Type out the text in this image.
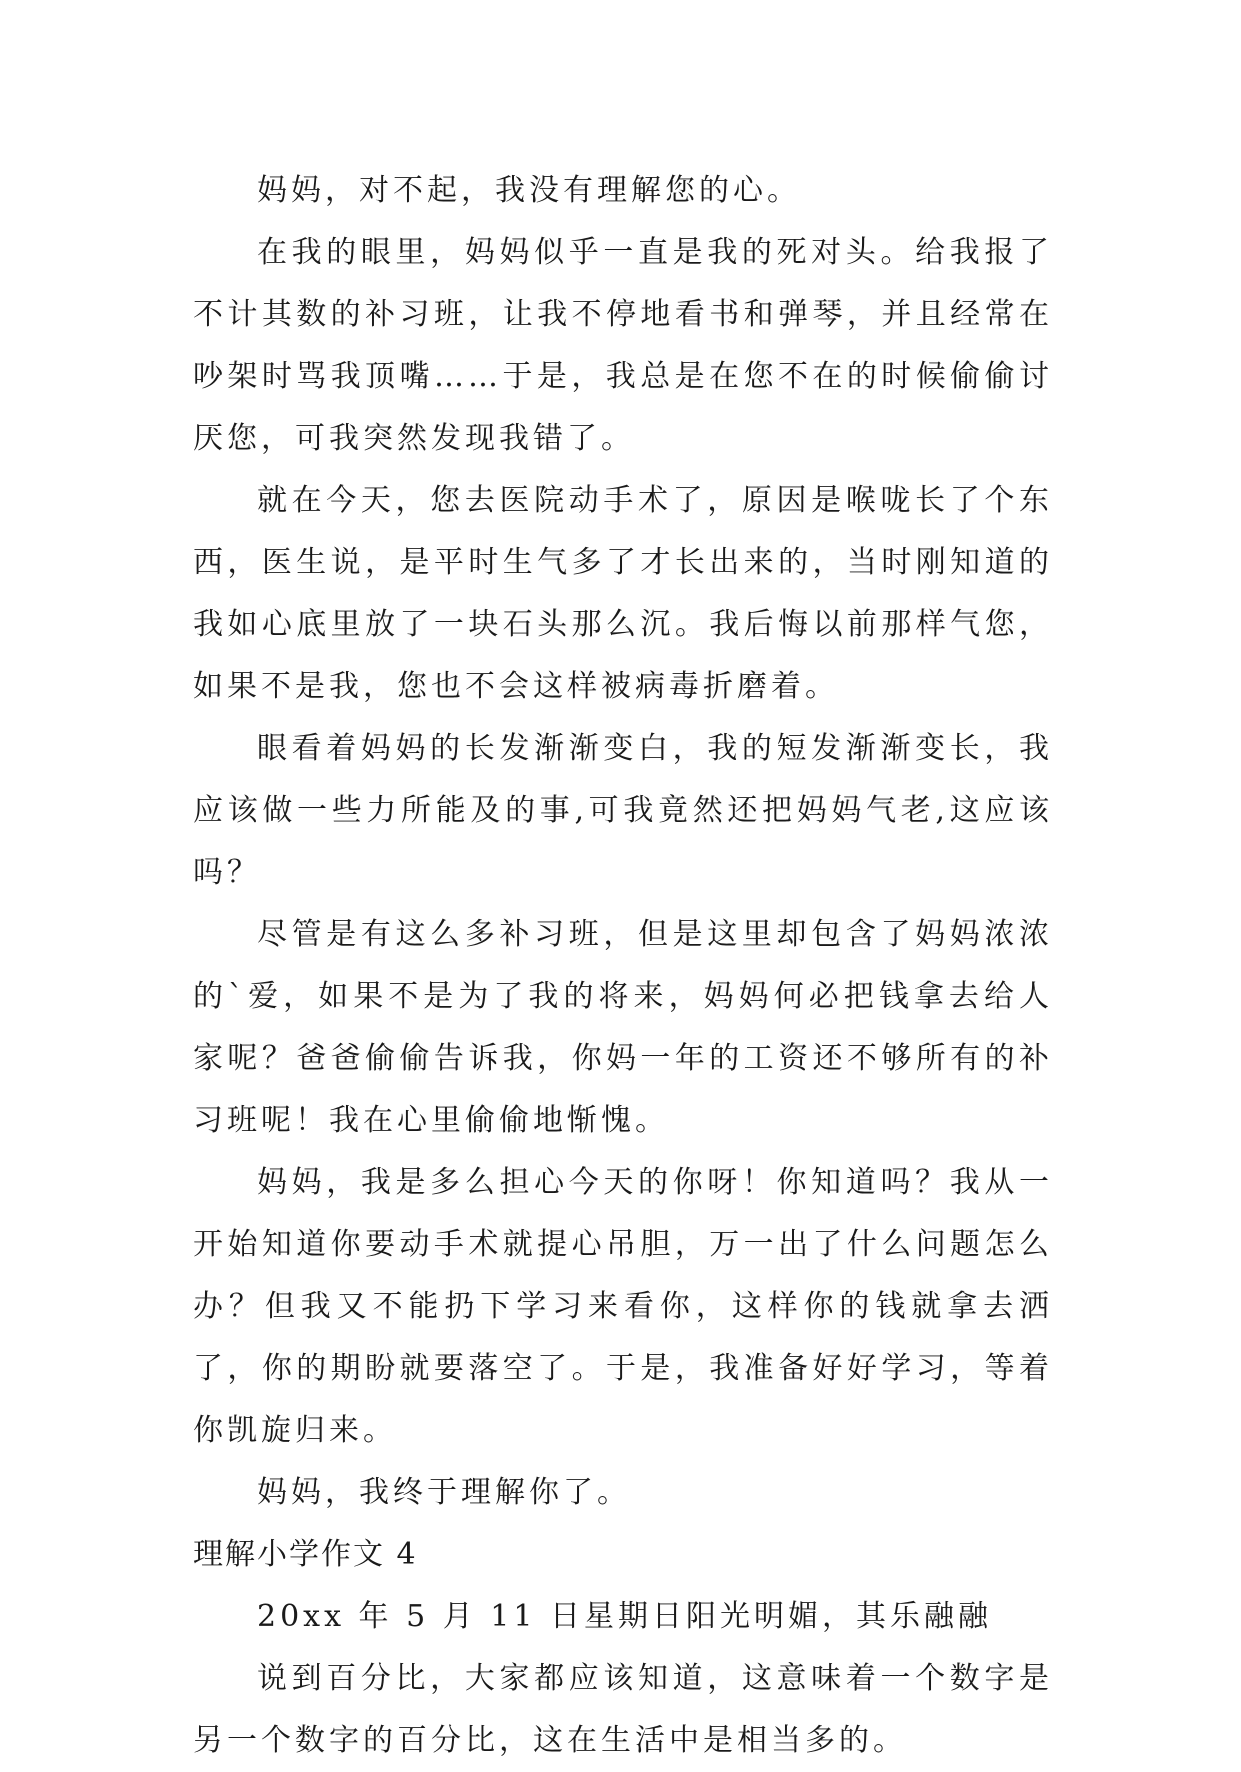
妈妈，对不起，我没有理解您的心。

在我的眼里，妈妈似乎一直是我的死对头。给我报了不计其数的补习班，让我不停地看书和弹琴，并且经常在吵架时骂我顶嘴……于是，我总是在您不在的时候偷偷讨厌您，可我突然发现我错了。

就在今天，您去医院动手术了，原因是喉咙长了个东西，医生说，是平时生气多了才长出来的，当时刚知道的我如心底里放了一块石头那么沉。我后悔以前那样气您，如果不是我，您也不会这样被病毒折磨着。

眼看着妈妈的长发渐渐变白，我的短发渐渐变长，我应该做一些力所能及的事,可我竟然还把妈妈气老,这应该吗？

尽管是有这么多补习班，但是这里却包含了妈妈浓浓的`爱，如果不是为了我的将来，妈妈何必把钱拿去给人家呢？爸爸偷偷告诉我，你妈一年的工资还不够所有的补习班呢！我在心里偷偷地惭愧。

妈妈，我是多么担心今天的你呀！你知道吗？我从一开始知道你要动手术就提心吊胆，万一出了什么问题怎么办？但我又不能扔下学习来看你，这样你的钱就拿去洒了，你的期盼就要落空了。于是，我准备好好学习，等着你凯旋归来。

妈妈，我终于理解你了。

理解小学作文 4

20xx 年 5 月 11 日星期日阳光明媚，其乐融融

说到百分比，大家都应该知道，这意味着一个数字是另一个数字的百分比，这在生活中是相当多的。
